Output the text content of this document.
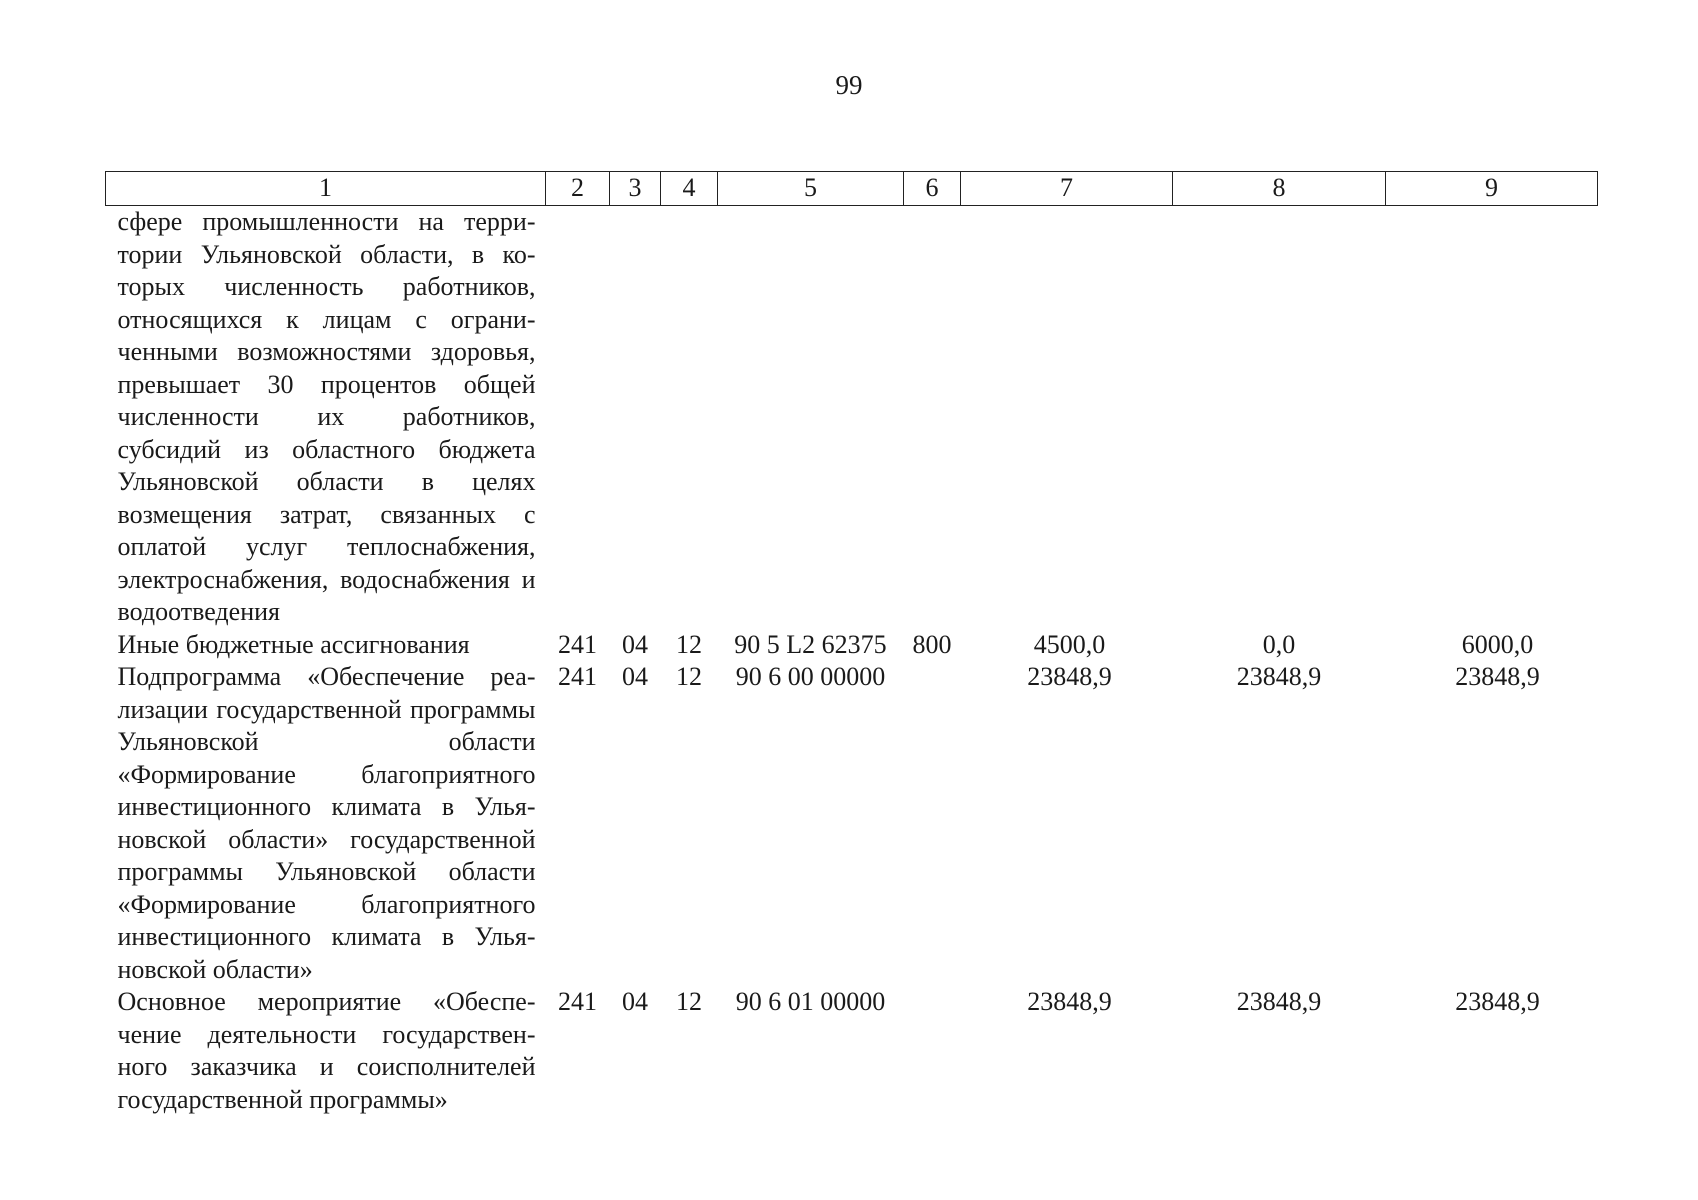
99
1	2	3	4	5	6	7	8	9
сфере промышленности на территории Ульяновской области, в которых численность работников, относящихся к лицам с ограниченными возможностями здоровья, превышает 30 процентов общей численности их работников, субсидий из областного бюджета Ульяновской области в целях возмещения затрат, связанных с оплатой услуг теплоснабжения, электроснабжения, водоснабжения и водоотведения								
Иные бюджетные ассигнования	241	04	12	90 5 L2 62375	800	4500,0	0,0	6000,0
Подпрограмма «Обеспечение реализации государственной программы Ульяновской области «Формирование благоприятного инвестиционного климата в Ульяновской области» государственной программы Ульяновской области «Формирование благоприятного инвестиционного климата в Ульяновской области»	241	04	12	90 6 00 00000		23848,9	23848,9	23848,9
Основное мероприятие «Обеспечение деятельности государственного заказчика и соисполнителей государственной программы»	241	04	12	90 6 01 00000		23848,9	23848,9	23848,9
